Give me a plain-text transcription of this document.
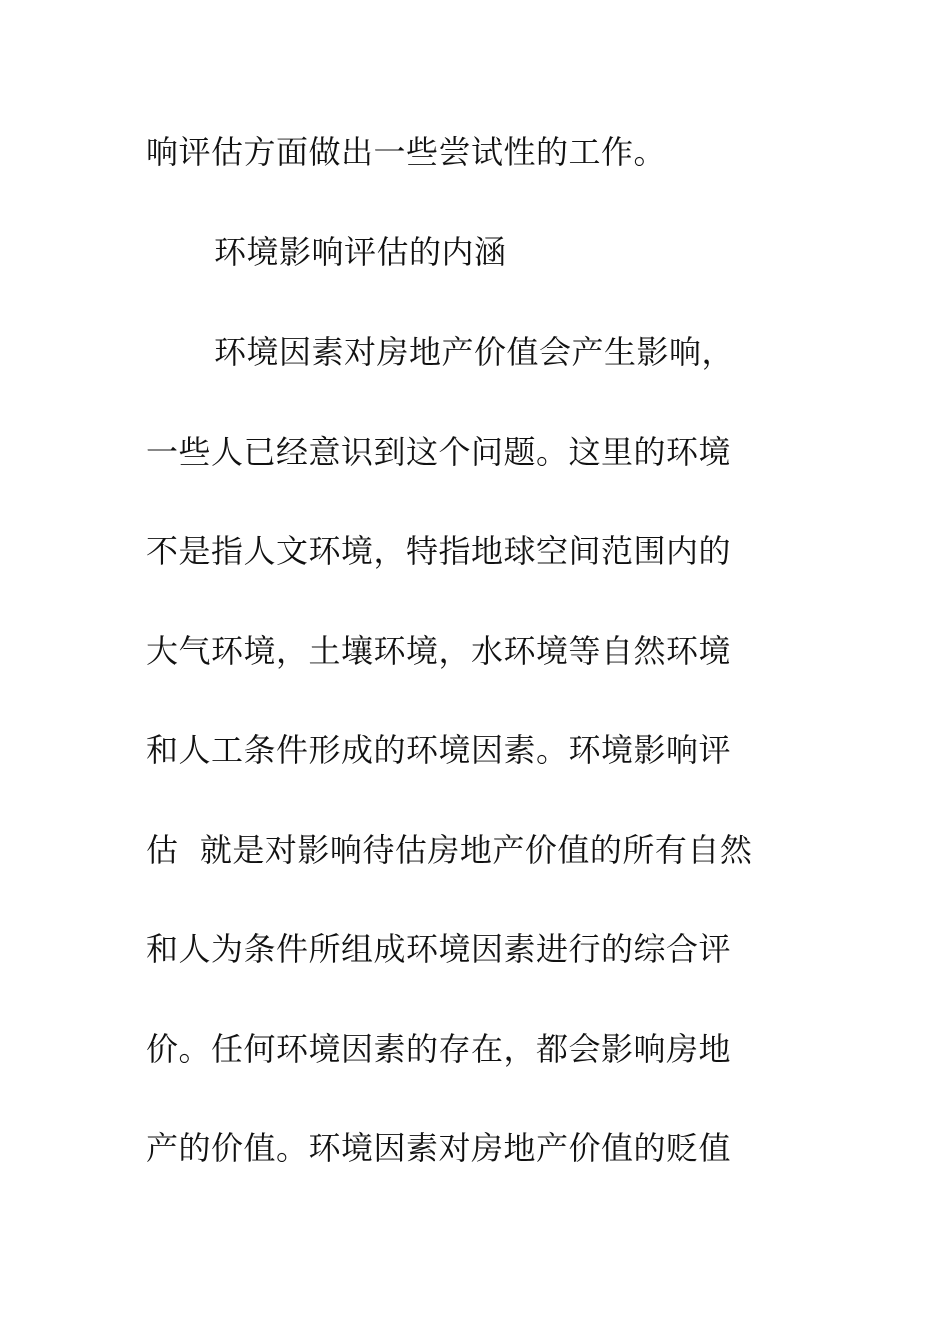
响评估方面做出一些尝试性的工作。

环境影响评估的内涵

环境因素对房地产价值会产生影响，

一些人已经意识到这个问题。这里的环境

不是指人文环境，特指地球空间范围内的

大气环境，土壤环境，水环境等自然环境

和人工条件形成的环境因素。环境影响评

估  就是对影响待估房地产价值的所有自然

和人为条件所组成环境因素进行的综合评

价。任何环境因素的存在，都会影响房地

产的价值。环境因素对房地产价值的贬值
